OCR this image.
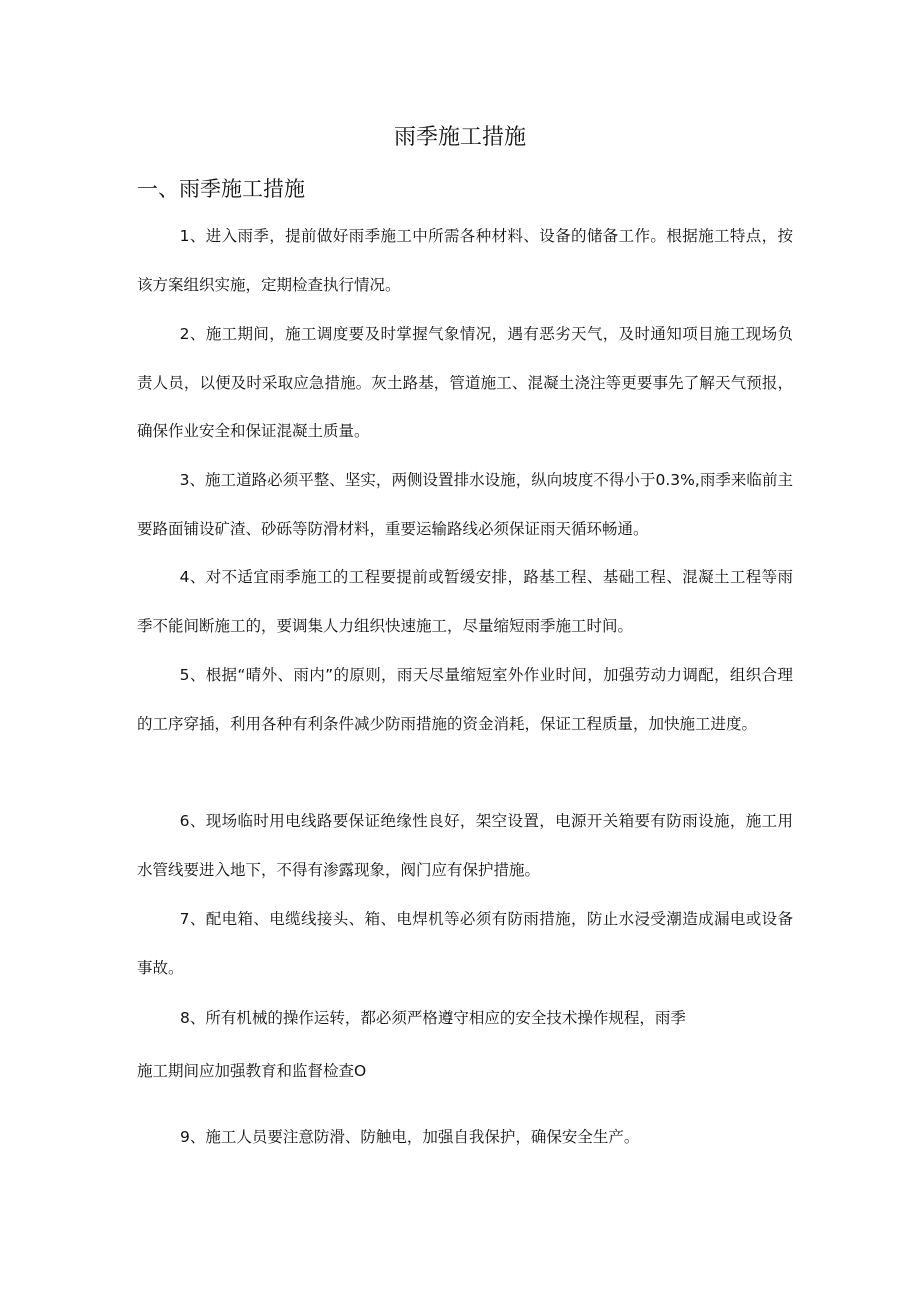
雨季施工措施
一、雨季施工措施

1、进入雨季，提前做好雨季施工中所需各种材料、设备的储备工作。根据施工特点，按该方案组织实施，定期检查执行情况。

2、施工期间，施工调度要及时掌握气象情况，遇有恶劣天气，及时通知项目施工现场负责人员，以便及时采取应急措施。灰土路基，管道施工、混凝土浇注等更要事先了解天气预报，确保作业安全和保证混凝土质量。

3、施工道路必须平整、坚实，两侧设置排水设施，纵向坡度不得小于0.3%,雨季来临前主要路面铺设矿渣、砂砾等防滑材料，重要运输路线必须保证雨天循环畅通。

4、对不适宜雨季施工的工程要提前或暂缓安排，路基工程、基础工程、混凝土工程等雨季不能间断施工的，要调集人力组织快速施工，尽量缩短雨季施工时间。

5、根据“晴外、雨内”的原则，雨天尽量缩短室外作业时间，加强劳动力调配，组织合理的工序穿插，利用各种有利条件减少防雨措施的资金消耗，保证工程质量，加快施工进度。

6、现场临时用电线路要保证绝缘性良好，架空设置，电源开关箱要有防雨设施，施工用水管线要进入地下，不得有渗露现象，阀门应有保护措施。

7、配电箱、电缆线接头、箱、电焊机等必须有防雨措施，防止水浸受潮造成漏电或设备事故。

8、所有机械的操作运转，都必须严格遵守相应的安全技术操作规程，雨季

施工期间应加强教育和监督检查O

9、施工人员要注意防滑、防触电，加强自我保护，确保安全生产。
